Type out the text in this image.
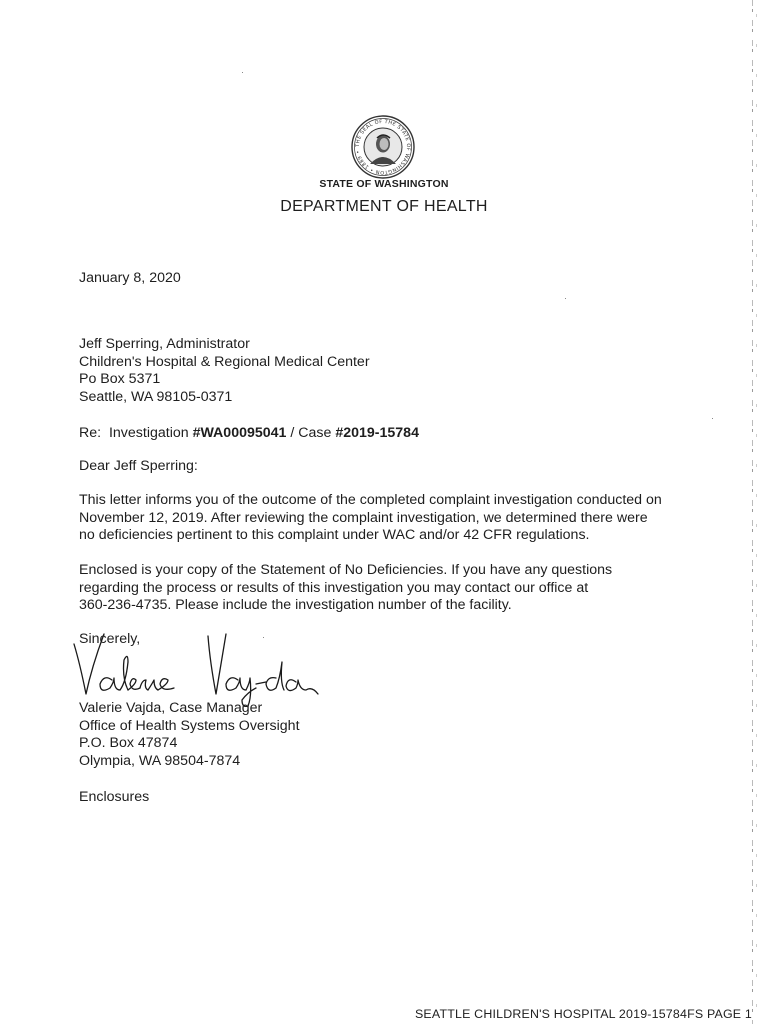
THE SEAL OF THE STATE OF WASHINGTON • 1889 •
STATE OF WASHINGTON
DEPARTMENT OF HEALTH
January 8, 2020
Jeff Sperring, Administrator
Children's Hospital & Regional Medical Center
Po Box 5371
Seattle, WA 98105-0371
Re:  Investigation #WA00095041 / Case #2019-15784
Dear Jeff Sperring:
This letter informs you of the outcome of the completed complaint investigation conducted on
November 12, 2019. After reviewing the complaint investigation, we determined there were
no deficiencies pertinent to this complaint under WAC and/or 42 CFR regulations.
Enclosed is your copy of the Statement of No Deficiencies. If you have any questions
regarding the process or results of this investigation you may contact our office at
360-236-4735. Please include the investigation number of the facility.
Sincerely,
Valerie Vajda, Case Manager
Office of Health Systems Oversight
P.O. Box 47874
Olympia, WA 98504-7874
Enclosures
SEATTLE CHILDREN'S HOSPITAL 2019-15784FS PAGE 1
